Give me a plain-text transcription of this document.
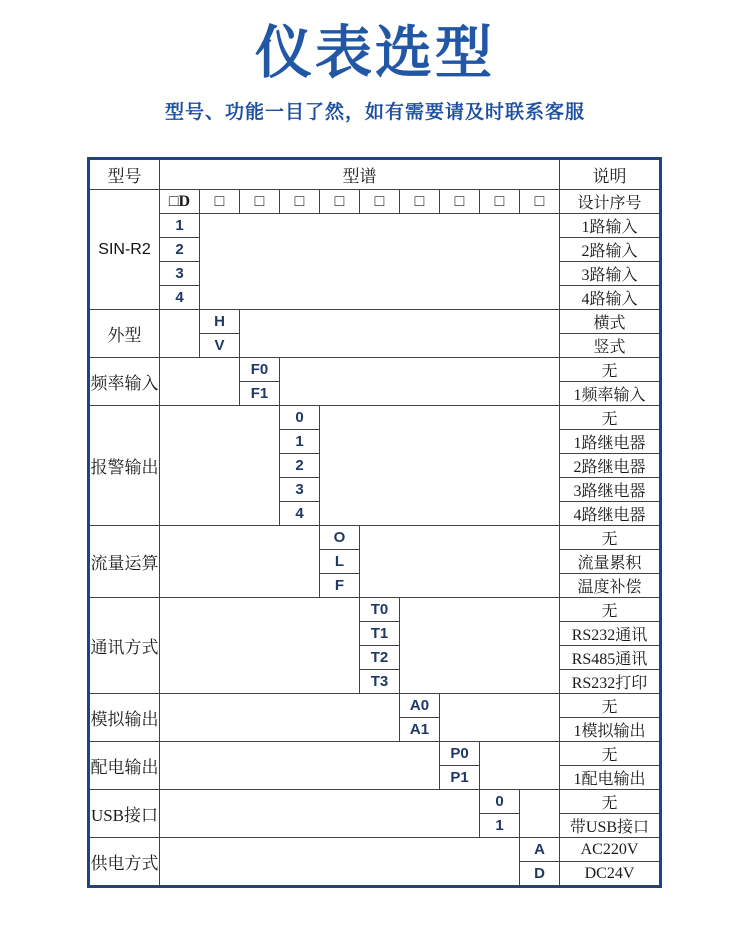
仪表选型
型号、功能一目了然，如有需要请及时联系客服
型号	型谱										说明
SIN-R2	□D	□	□	□	□	□	□	□	□	□	设计序号
	1										1路输入
	2										2路输入
	3										3路输入
	4										4路输入
外型		H									横式
		V									竖式
频率输入			F0								无
			F1								1频率输入
报警输出				0							无
				1							1路继电器
				2							2路继电器
				3							3路继电器
				4							4路继电器
流量运算					O						无
					L						流量累积
					F						温度补偿
通讯方式						T0					无
						T1					RS232通讯
						T2					RS485通讯
						T3					RS232打印
模拟输出							A0				无
							A1				1模拟输出
配电输出								P0			无
								P1			1配电输出
USB接口									0		无
									1		带USB接口
供电方式										A	AC220V
										D	DC24V
